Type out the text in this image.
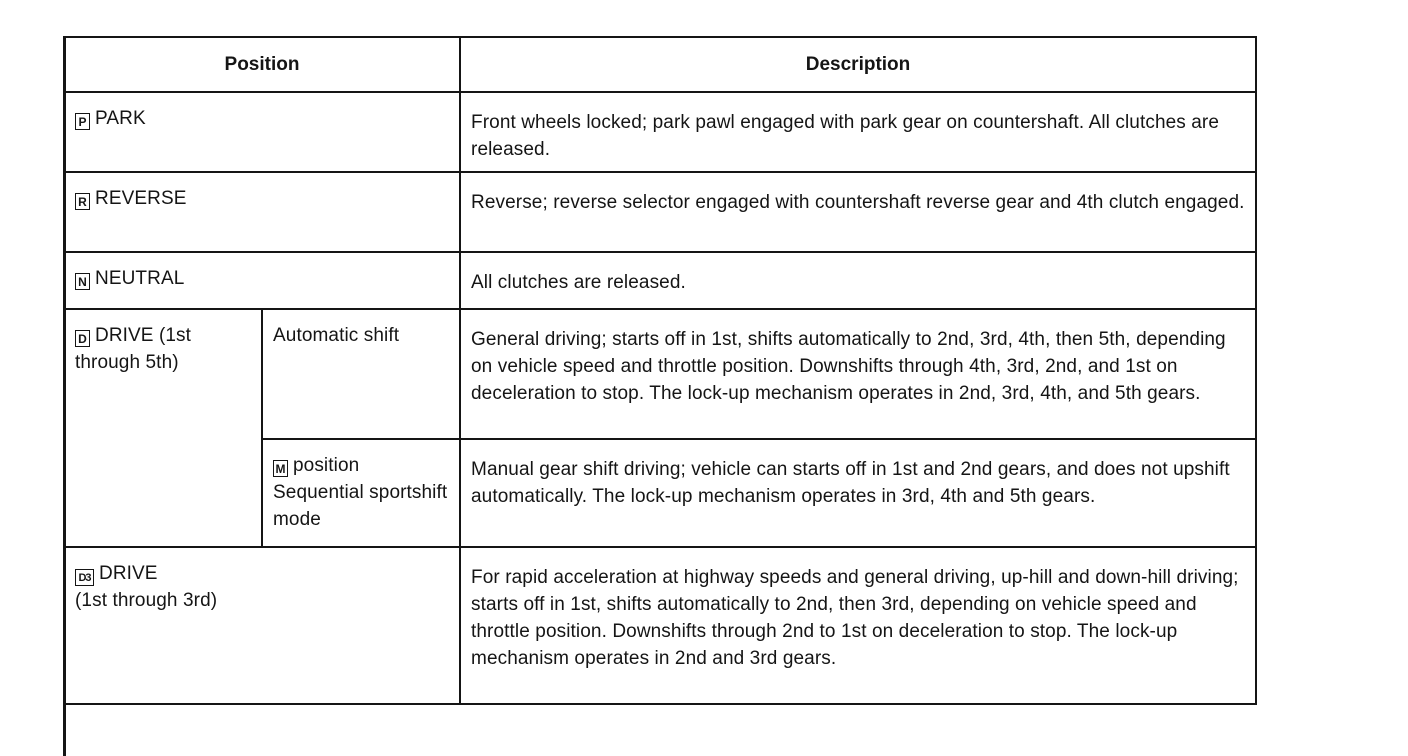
Position		Description

P PARK		Front wheels locked; park pawl engaged with park gear on countershaft. All clutches are released.

R REVERSE		Reverse; reverse selector engaged with countershaft reverse gear and 4th clutch engaged.

N NEUTRAL		All clutches are released.

D DRIVE (1st through 5th)	Automatic shift	General driving; starts off in 1st, shifts automatically to 2nd, 3rd, 4th, then 5th, depending on vehicle speed and throttle position. Downshifts through 4th, 3rd, 2nd, and 1st on deceleration to stop. The lock-up mechanism operates in 2nd, 3rd, 4th, and 5th gears.

	M position Sequential sportshift mode	Manual gear shift driving; vehicle can starts off in 1st and 2nd gears, and does not upshift automatically. The lock-up mechanism operates in 3rd, 4th and 5th gears.

D3 DRIVE
(1st through 3rd)		For rapid acceleration at highway speeds and general driving, up-hill and down-hill driving; starts off in 1st, shifts automatically to 2nd, then 3rd, depending on vehicle speed and throttle position. Downshifts through 2nd to 1st on deceleration to stop. The lock-up mechanism operates in 2nd and 3rd gears.
